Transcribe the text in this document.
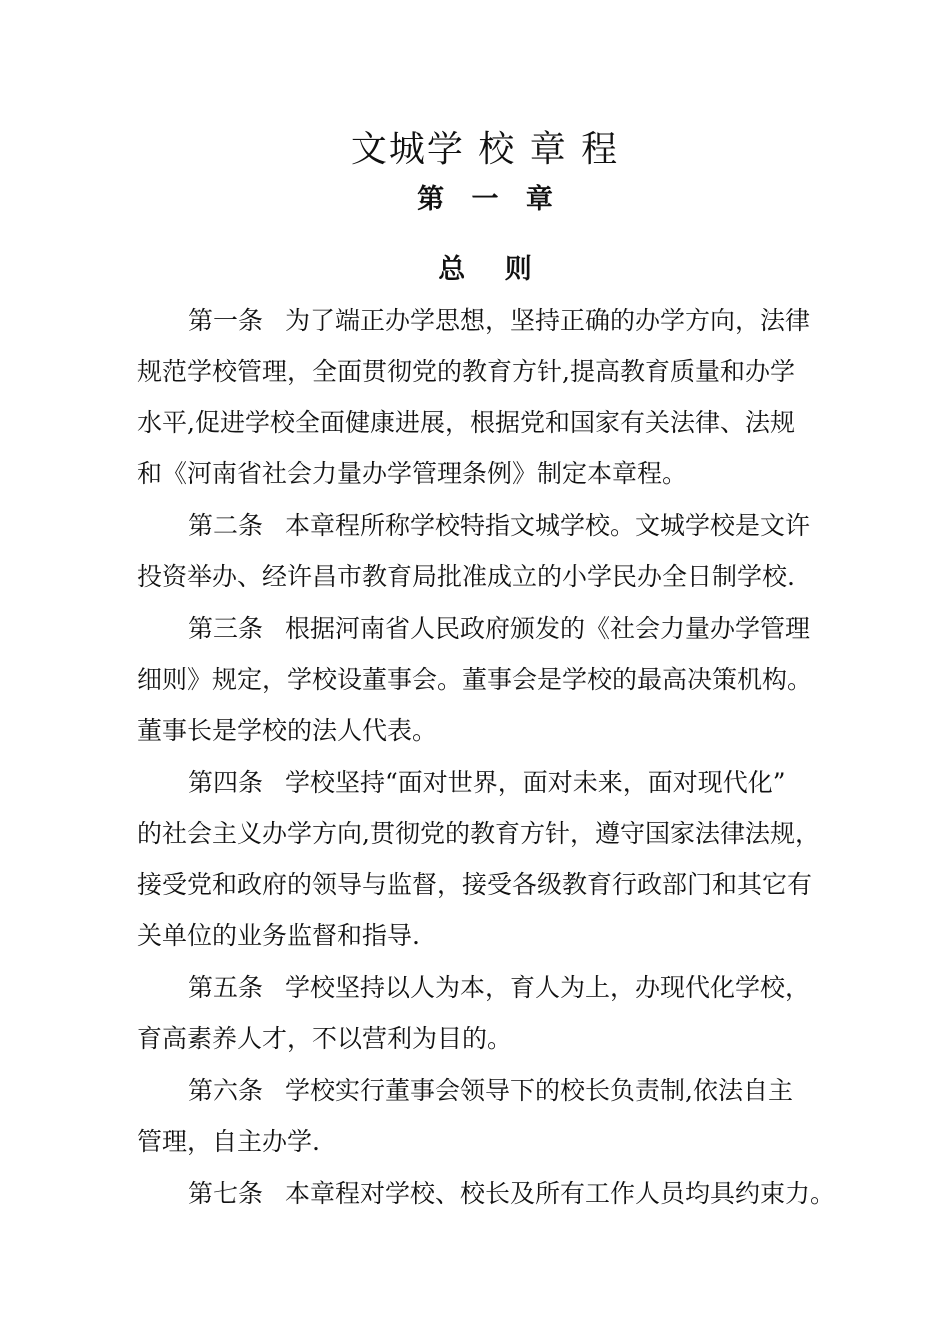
文城学 校 章 程
第 一 章
总 则
第一条 为了端正办学思想，坚持正确的办学方向，法律
规范学校管理，全面贯彻党的教育方针,提高教育质量和办学
水平,促进学校全面健康进展，根据党和国家有关法律、法规
和《河南省社会力量办学管理条例》制定本章程。
第二条 本章程所称学校特指文城学校。文城学校是文许
投资举办、经许昌市教育局批准成立的小学民办全日制学校.
第三条 根据河南省人民政府颁发的《社会力量办学管理
细则》规定，学校设董事会。董事会是学校的最高决策机构。
董事长是学校的法人代表。
第四条 学校坚持“面对世界，面对未来，面对现代化”
的社会主义办学方向,贯彻党的教育方针，遵守国家法律法规，
接受党和政府的领导与监督，接受各级教育行政部门和其它有
关单位的业务监督和指导.
第五条 学校坚持以人为本，育人为上，办现代化学校，
育高素养人才，不以营利为目的。
第六条 学校实行董事会领导下的校长负责制,依法自主
管理，自主办学.
第七条 本章程对学校、校长及所有工作人员均具约束力。
